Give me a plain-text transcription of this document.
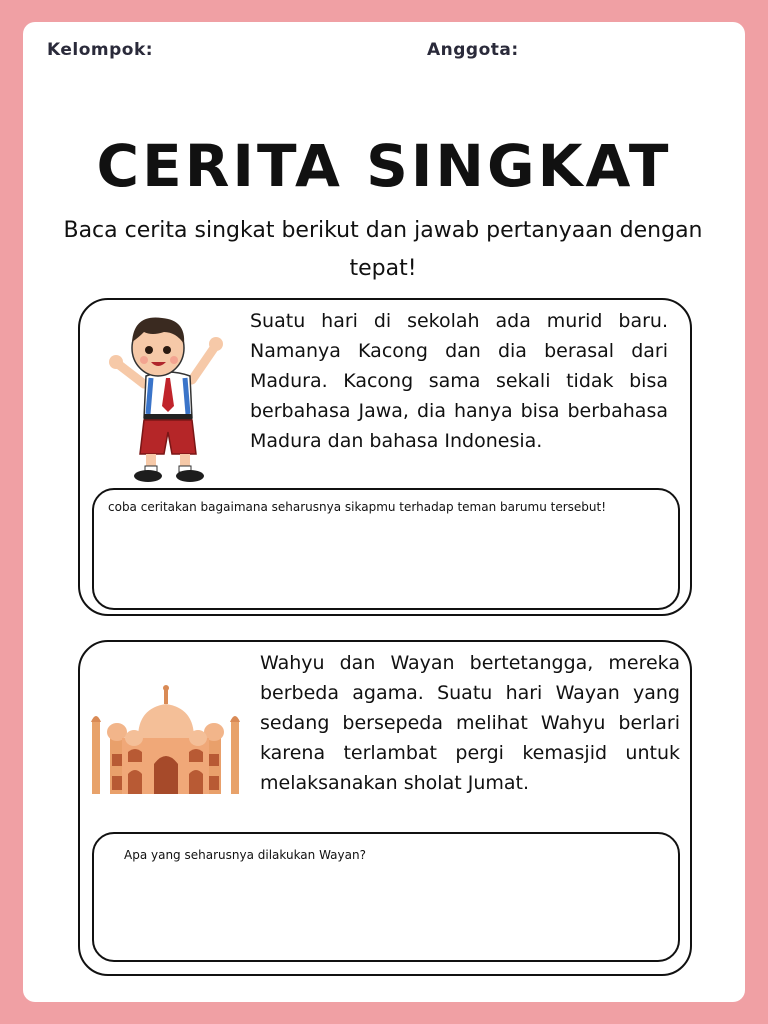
Kelompok:	Anggota:
CERITA SINGKAT

Baca cerita singkat berikut dan jawab pertanyaan dengan tepat!

Suatu hari di sekolah ada murid baru. Namanya Kacong dan dia berasal dari Madura. Kacong sama sekali tidak bisa berbahasa Jawa, dia hanya bisa berbahasa Madura dan bahasa Indonesia.

coba ceritakan bagaimana seharusnya sikapmu terhadap teman barumu tersebut!

Wahyu dan Wayan bertetangga, mereka berbeda agama. Suatu hari Wayan yang sedang bersepeda melihat Wahyu berlari karena terlambat pergi kemasjid untuk melaksanakan sholat Jumat.

Apa yang seharusnya dilakukan Wayan?
